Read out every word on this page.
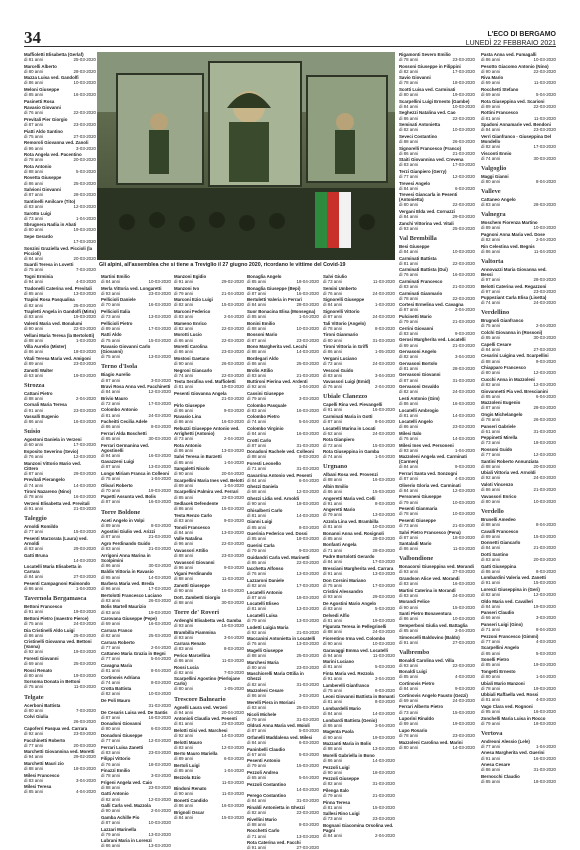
34	L'ECO DI BERGAMO
LUNEDÌ 22 FEBBRAIO 2021
Maffioletti Elisabetta (Gerlaf)
di 81 anni	25-03-2020
Marcelli Alberto
di 80 anni	28-03-2020
Mazza Luisa ved. Gandolfi
di 86 anni	10-03-2020
Meloni Giuseppe
di 85 anni	16-03-2020
Pasinetti Rosa
Ravasio Giovanni
di 76 anni	22-03-2020
Previtali Pier Giorgio
di 87 anni	23-03-2020
Piatti Aldo Santino
di 75 anni	27-03-2020
Remoroli Giovanna ved. Zanoli
di 96 anni	3-03-2020
Rota Angela ved. Pacentino
di 78 anni	20-03-2020
Rota Antonio
di 88 anni	5-03-2020
Rovetta Giuseppe
di 86 anni	25-03-2020
Salvioni Giovanni
di 87 anni	28-03-2020
Santinelli Amilcare (Tito)
di 83 anni	12-03-2020
Sarotto Luigi
di 73 anni	1-04-2020
Sbrugnera Nadia in Abati
di 80 anni	19-03-2020
Sepe Gerardo
17-03-2020
Sonzini Graziella ved. Piccioli (la Piccioli)
di 84 anni	20-03-2020
Suardi Teresa in Lovetti
di 75 anni	7-03-2020
Togni Erminia
di 94 anni	4-03-2020
Tradonelli Caterina ved. Previtali
di 85 anni	13-03-2020
Trapini Rosa Pasqualina
di 82 anni	25-03-2020
Trapletti Angela in Gandolfi (Mirto)
di 83 anni	19-03-2020
Valenti Maria ved. Bonalumi
di 90 anni	22-03-2020
Vellani Maria Teresa (la Bertolotti)
di 88 anni	1-03-2020
Villa Aurelio (Mister)
di 86 anni	18-03-2020
Vitali Teresa Maria ved. Amigoni
di 89 anni	23-03-2020
Zanotti Walter
di 63 anni	19-03-2020
Strozza
Cattani Pietro
di 88 anni	2-04-2020
Cornali Maria Teresa
di 91 anni	23-03-2020
Vassalli Eugenio
di 86 anni	16-03-2020
Suisio
Agostoni Daniela in Verzeni
di 60 anni	17-03-2020
Esposito Severino (Sevio)
di 76 anni	12-03-2020
Manzoni Vittorio Mario ved. Cittero
di 87 anni	29-03-2020
Previtali Pierangelo
di 74 anni	14-03-2020
Tironi Nazareno (Nino)
di 78 anni	16-03-2020
Verzeni Elisabetta ved. Previtali
di 91 anni	21-03-2020
Taleggio
Arnoldi Romildo
di 77 anni	15-03-2020
Pesenti Marzorata (Laura) ved. Arnoldi
di 83 anni	29-03-2020
Gatti Bruna
14-03-2020
Locatelli Maria Elisabetta in Carrara
di 84 anni	27-03-2020
Pesenti Campagnoni Raimondo
di 86 anni	1-04-2020
Tavernola Bergamasca
Bettoni Francesco
di 91 anni	19-03-2020
Bettoni Pietro (maestro Pierce)
di 75 anni	24-03-2020
Dia Cristinelli Aldo Luigi
di 86 anni	25-03-2020
Cristinelli Giovanna ved. Bettoni (Vanna)
di 92 anni	19-03-2020
Foresti Giovanni
di 69 anni	25-03-2020
Rossi Renato
di 80 anni	19-03-2020
Sorsoma Donata in Bettoni
di 75 anni	11-03-2020
Telgate
Acerboni Battista
di 80 anni	7-03-2020
Colvi Giulia
26-03-2020
Capoferri Pasqua ved. Carrara
di 92 anni	23-03-2020
Facchinetti Roberto
di 77 anni	20-03-2020
Marchetti Giovannina ved. Moretti
di 94 anni	29-02-2020
Marchetti Mauri zio
di 88 anni	18-03-2020
Milesi Francesco
di 83 anni	3-04-2020
Milesi Teresa
di 85 anni	4-04-2020
Gli alpini, all'assemblea che si tiene a Treviglio il 27 giugno 2020, ricordano le vittime del Covid-19
Martini Emilio
di 84 anni	10-03-2020
Merla Vittoria ved. Longaretti
di 93 anni	23-03-2020
Pellicioli Daniele
di 70 anni	16-03-2020
Pellicioli Italia
di 73 anni	13-03-2020
Pellicioli Pietro
di 89 anni	17-03-2020
Ratti Aldo
di 75 anni	15-03-2020
Ravasio Giovanni Carlo (Giovanni)
di 75 anni	13-03-2020
Terno d'Isola
Biagio Aurelio
di 87 anni	3-03-2020
Bravi Rosa Anna ved. Facchinetti
di 84 anni	12-03-2020
Brivio Mauro
di 72 anni	17-03-2020
Colombo Antonio
di 81 anni	24-03-2020
Facheitti Cecilia Adele
di 86 anni	8-03-2020
Ferrari Alda Boschetti
di 85 anni	30-03-2020
Ferrari Germanina ved. Agostinelli
di 94 anni	16-03-2020
Gavazzeni Luigi
di 87 anni	13-03-2020
Longo Miriam Franca in Colleoni
di 75 anni	1-04-2020
Olivari Roberto
di 70 anni	19-03-2020
Papetti Assunta ved. Bolis
di 87 anni	16-03-2020
Torre Boldone
Aceti Angelo in Volpi
di 89 anni	8-03-2020
Agostini Giulio ved. Arizzi
di 87 anni	21-03-2020
Agro Ferdinando Guido
di 83 anni	21-03-2020
Arrigoni Anna Marina in Scolpimini
di 86 anni	30-03-2020
Baldis Vittoria in Ravasio
di 95 anni	14-03-2020
Barbera Maria ved. Breda
di 96 anni	17-03-2020
Bertolotti Francesco Luciano
di 83 anni	26-03-2020
Bolis Martell Maurizio
di 83 anni	19-03-2020
Carovana Giuseppe (Pepe)
di 69 anni	16-03-2020
Carrara Franco
di 82 anni	25-03-2020
Carrara Roberto
di 77 anni	2-04-2020
Cattaneo Maria Grazia in Begni
di 77 anni	5-04-2020
Cavagna Maria
di 81 anni	8-04-2020
Cortinovis Adriana
di 74 anni	8-03-2020
Crotta Battista
di 82 anni	10-03-2020
De Poli Mauro
31-03-2020
De Cesaris Luisa ved. De Santis
di 87 anni	16-03-2020
Donadoni Giovanni
di 80 anni	6-03-2020
Donadoni Giuseppe
di 77 anni	12-03-2020
Ferrari Luisa Zanetti
di 83 anni	23-03-2020
Filippi Vittorio
di 76 anni	18-03-2020
Finazzi Emilio
di 78 anni	3-03-2020
Frigeni Angela ved. Caio
di 88 anni	23-03-2020
Gatti Antonio
di 82 anni	12-03-2020
Galli Carla ved. Mazzola
di 90 anni	2-04-2020
Gamba Achille Pio
di 87 anni	10-03-2020
Lazzari Marinella
di 79 anni	13-03-2020
Lubrani Maria in Lorenzi
di 86 anni	13-03-2020
Manzoni Egidio
di 91 anni	29-02-2020
Manzoni Ivo
di 79 anni	21-04-2020
Marconi Ezio Luigi
di 82 anni	15-03-2020
Marconi Federico
di 83 anni	2-04-2020
Mameno Enrico
di 82 anni	22-03-2020
Morotti Lucio
di 86 anni	22-03-2020
Moretti Carolina
di 86 anni	23-03-2020
Mostosi Gaetano
di 90 anni	26-03-2020
Negroni Giancarlo
di 74 anni	22-03-2020
Testa Serafina ved. Maffioletti
di 81 anni	19-03-2020
Pesenti Giovanna Angela
21-03-2020
Pirlo Giuseppe
di 86 anni	9-03-2020
Ravasio Lina
di 86 anni	16-03-2020
Rebuzzi Giuseppe Antonio ved. Arrighetti (Antonio)
di 73 anni	2-04-2020
Rota Antonio
di 86 anni	13-03-2020
Salvi Teresa in Barzetti
di 85 anni	1-04-2020
Sangaletti Nicolo
di 90 anni	20-04-2020
Scarpellini Maria Ines ved. Belotti
di 89 anni	1-04-2020
Scarpellini Palmira ved. Ferrari
di 85 anni	23-03-2020
Sedlacek Defendente
di 86 anni	15-03-2020
Testa Renzo Carlo
di 83 anni	9-03-2020
Tonoli Francesco
di 84 anni	13-03-2020
Valle Natalina
di 96 anni	22-03-2020
Vavassori Attilio
di 88 anni	23-03-2020
Vavassori Giovanni
di 96 anni	9-03-2020
Vigani Ferdinando
di 88 anni	11-03-2020
Zanotti Giuseppe
di 90 anni	16-03-2020
Dott. Zambetti Giorgio
di 88 anni	30-03-2020
Torre de' Roveri
Ardenghi Elisabetta ved. Gamba
di 93 anni	16-03-2020
Brambilla Fiammina
di 93 anni	3-04-2020
Carrara Renato
di 83 anni	8-03-2020
Perico Marcellina
di 86 anni	11-03-2020
Rossi Lucia
di 82 anni	7-03-2020
Scarpellini Agostino (Pierlojane Carlo)
di 80 anni	1-05-2020
Trescore Balneario
Agnelli Laura ved. Verzeri
di 94 anni	20-04-2020
Antonioli Claudia ved. Pesenti
di 81 anni	23-03-2020
Belotti Gisi ved. Marchesi
di 92 anni	14-03-2020
Belotti Mauro
di 83 anni	12-03-2020
Berto Mauro Mariella
di 89 anni	6-03-2020
Bertoli Luigi
di 85 anni	1-04-2020
Bezzola Ezio
11-03-2020
Bindoni Renato
di 90 anni	11-03-2020
Bonetti Candido
di 86 anni	16-03-2020
Brignoli Oscar
di 84 anni	15-03-2020
Bonaglia Angelo
di 85 anni	18-04-2020
Bonaglia Giuseppe (Bepi)
di 87 anni	16-03-2020
Bertuletti Valeria in Ferrari
di 84 anni	28-03-2020
Suor Bonacina Elisa (Monsegna)
di 85 anni	1-04-2020
Bonini Emilio
di 88 anni	10-03-2020
Bossoni Mario
di 87 anni	23-03-2020
Bono Margherita ved. Lecchi
di 88 anni	14-03-2020
Bordegari Aldo
di 86 anni	25-03-2020
Brolis Attilio
di 83 anni	21-03-2020
Buttironi Pierina ved. Ardenti
di 92 anni	1-04-2020
Cassini Giuseppe
di 79 anni	3-03-2020
Colombo Pasquale
di 83 anni	16-03-2020
Colombo Pietro
di 74 anni	5-04-2020
Colombo Virginio
di 84 anni	16-03-2020
Crotti Carlo
di 87 anni	31-03-2020
Donadoni Rachele ved. Colleoni
di 88 anni	8-03-2020
Foresti Leonello
di 71 anni	31-03-2020
Gavarrina Antonio ved. Pesenti
di 84 anni	6-04-2020
Ghezzi Daniela
di 68 anni	12-03-2020
Ghezzi Lidia ved. Arnoldi
di 90 anni	18-03-2020
Ghisalberti Carlo
di 81 anni	14-03-2020
Gianni Luigi
di 85 anni	8-03-2020
Guerinia Federico ved. Dossi
di 85 anni	18-03-2020
Guerini Carla
di 79 anni	9-03-2020
Guidandri Carla ved. Marinetti
di 86 anni	22-03-2020
Iacchetta Alfonso
di 76 anni	13-03-2020
Lazzaroni Daniele
di 82 anni	17-03-2020
Locatelli Antonio
di 87 anni	18-03-2020
Locatelli Eliseo
di 81 anni	13-03-2020
Locatelli Luisa
di 79 anni	13-03-2020
Lodetti Luigia Maria
di 92 anni	21-03-2020
Maccanini Antonietta in Locatelli
di 76 anni	13-03-2020
Magelli Giuseppe
di 88 anni	25-03-2020
Marchesi Maria
di 80 anni	23-03-2020
Maschiorelli Maria Ottilia in Ghezzi
di 82 anni	31-03-2020
Mazzoleni Cesare
di 86 anni	3-03-2020
Merelli Piera in Moriani
di 83 anni	25-03-2020
Nicoli Michele
di 79 anni	31-03-2020
Oldrati Anna Maria ved. Moioli
di 87 anni	5-03-2020
Orfanelli Maddalena ved. Milesi
di 84 anni	6-03-2020
Paninbelli Claudio
di 67 anni	5-03-2020
Pesenti Antonio
di 79 anni	15-03-2020
Pezzoli Andrea
di 65 anni	5-04-2020
Pezzoli Costantino
14-03-2020
Perego Costantino
di 84 anni	31-03-2020
Rinaldi Antonietta in Ghezzi
di 82 anni	22-03-2020
Rivellini Mario
di 88 anni	8-03-2020
Rocchetti Carlo
di 71 anni	13-03-2020
Rota Caterina ved. Facchi
di 91 anni	27-03-2020
Salvi Giulio
di 73 anni	11-03-2020
Semini Umberto
di 76 anni	24-03-2020
Signorelli Giuseppe
di 84 anni	1-03-2020
Signorelli Vittorio
di 87 anni	24-03-2020
Tali Vittorio (Angelo)
di 78 anni	8-03-2020
Tironi Gianmario
di 80 anni	31-03-2020
Tironi Vittoria in Griffi
di 86 anni	1-05-2020
Vergani Luciano
di 72 anni	24-03-2020
Vescovi Guido
di 83 anni	3-04-2020
Vavassori Luigi (Emid)
di 76 anni	2-04-2020
Ubiale Clanezzo
Capelli Rina ved. Pievangelli
di 91 anni	16-03-2020
Carminati Maria in Gotti
di 87 anni	8-04-2020
Locatelli Marina in Locati
di 62 anni	24-03-2020
Rota Gianpiero
di 72 anni	15-03-2020
Rota Giuseppina in Gamba
di 74 anni	1-04-2020
Urgnano
Albani Rosa ved. Provenzi
di 88 anni	16-03-2020
Albin Emilio
di 86 anni	15-03-2020
Angeretti Maria ved. Celli
di 91 anni	8-03-2020
Angeretti Mario
di 79 anni	13-03-2020
Azzola Lina ved. Brambilla
di 81 anni	10-03-2020
Bonanni Anna ved. Rosignoli
di 85 anni	28-03-2020
Bonfanti Angela
di 71 anni	28-03-2020
Padre Bortolotti Gerardo
di 84 anni	17-03-2020
Bresciani Margherita ved. Carrara
di 91 anni	13-03-2020
Don Corsini Mariano
di 75 anni	17-03-2020
Cristini Alessandro
di 93 anni	29-03-2020
De Agostini Mario Angelo
di 83 anni	5-03-2020
Delvedi Alfio
di 81 anni	19-03-2020
Figurata Teresa in Pellegrinelli
di 88 anni	24-03-2020
Fiorentino Irma ved. Colombo
di 90 anni	10-03-2020
Garavaggi Emma ved. Locatelli
di 94 anni	11-03-2020
Marini Luciano
di 81 anni	5-03-2020
Finta Maria ved. Rezzola
di 91 anni	3-04-2020
Lamberelli Gianfranco
di 75 anni	8-03-2020
Leoni Giovanni Battista in Bonanti
di 81 anni	8-03-2020
Lombardelli Mario
di 84 anni	14-03-2020
Lombardi Battista (Genio)
di 86 anni	3-04-2020
Magenta Paola
di 90 anni	19-03-2020
Mazzanti Maria in Bolis
di 88 anni	13-03-2020
Morelli Gabriella in Bono
di 86 anni	14-03-2020
Pezzoli Luigi
di 90 anni	18-03-2020
Pezzoli Giuseppe
di 82 anni	31-03-2020
Pilenga Italo
di 79 anni	21-03-2020
Pinna Teresa
di 81 anni	15-03-2020
Sallesi Rino Luigi
di 73 anni	23-03-2020
Bognani Giacomina Orsolina ved. Pagni
di 84 anni	2-04-2020
Rigamonti Severo Emilio
di 78 anni	23-03-2020
Rossoni Giuseppe in Filippini
di 82 anni	17-03-2020
Savio Giovanni
di 78 anni	18-03-2020
Scotti Luisa ved. Carminati
di 80 anni	19-03-2020
Scarpellini Luigi Ernesto (Gambe)
di 84 anni	10-03-2020
Seghezzi Natalina ved. Cao
di 86 anni	22-03-2020
Seminati Antonietta
di 82 anni	10-03-2020
Seveci Costantino
di 88 anni	26-03-2020
Signorelli Francesco (Franco)
di 86 anni	21-03-2020
Staiti Giovannina ved. Crevena
di 83 anni	17-03-2020
Terzi Gianpiero (Gerry)
di 77 anni	12-03-2020
Trevesi Angelo
di 84 anni	6-03-2020
Trevesi Giancarla in Pesenti (Antonietta)
di 80 anni	22-03-2020
Vergani Elda ved. Cornazzi
di 84 anni	29-03-2020
Zanchi Vittorina ved. Vitali
di 93 anni	25-03-2020
Val Brembilla
Besi Giuseppe
di 84 anni	10-03-2020
Carminati Battista
di 81 anni	22-03-2020
Carminati Battista (Dui)
di 76 anni	16-03-2020
Carminati Francesco
di 83 anni	21-03-2020
Carminati Gianmario
di 78 anni	22-03-2020
Cortesi Ermelina ved. Cavagna
di 87 anni	2-04-2020
Pulcinetti Mario
di 79 anni	21-03-2020
Cerrini Giovanni
di 83 anni	9-03-2020
Gerosi Margherita ved. Locatelli
di 89 anni	21-03-2020
Gervasoni Angelo
di 82 anni	3-04-2020
Gervasoni Bortolo
di 81 anni	28-03-2020
Gervasoni Giovanni
di 87 anni	31-03-2020
Gervasoni Osvaldo
di 82 anni	24-03-2020
Lesti Antonio (Gim)
di 86 anni	16-03-2020
Locatelli Ambrogio
di 81 anni	14-03-2020
Locatelli Angelo
di 86 anni	23-03-2020
Milesi Italo
di 76 anni	14-03-2020
Milesi Ines ved. Personeni
di 93 anni	1-04-2020
Mazzoleni Angela ved. Carminati (Carmen)
di 84 anni	9-03-2020
Ferrari Santa ved. Sonzogni
di 87 anni	4-03-2020
Oliverio Gloria ved. Carminati
di 84 anni	12-03-2020
Personeni Giuseppe
di 79 anni	10-03-2020
Pesenti Gianmaria
di 78 anni	10-03-2020
Pesenti Giuseppe
di 73 anni	21-03-2020
Salvi Pietro Francesco (Pena)
di 87 anni	18-03-2020
Santaladi Mario
di 86 anni	11-03-2020
Valbondione
Bonacorsi Giuseppina ved. Morandi
di 93 anni	27-03-2020
Grandson Alice ved. Morandi
di 83 anni	16-03-2020
Martini Caterina in Morandi
di 83 anni	24-03-2020
Morandi Felice
di 90 anni	15-03-2020
Santi Pietro Bonaventura
di 86 anni	10-03-2020
Semperboni Giulia ved. Battaglia
di 85 anni	2-04-2020
Simoncelli Baldovino (Baldo)
di 91 anni	27-03-2020
Valbrembo
Bonaldi Carolina ved. Villa
di 93 anni	22-03-2020
Bonaldi Luigi
di 85 anni	4-03-2020
Cortinovis Pietro
di 84 anni	9-03-2020
Cortinovis Angelo Fausto (Gezzi)
di 69 anni	24-03-2020
Ferrari Alberto Pietro
di 73 anni	15-03-2020
Luporini Rinaldo
di 89 anni	19-03-2020
Lupo Rosario
di 78 anni	23-03-2020
Mazzoleni Carolina ved. Marini
di 80 anni	14-03-2020
Pasta Anna ved. Fumagalli
di 86 anni	10-03-2020
Pesotto Giacomo Antonio (Nino)
di 90 anni	22-03-2020
Riva Mario
di 69 anni	11-03-2020
Rocchetti Stefano
di 69 anni	5-04-2020
Rota Giuseppina ved. Scarioni
di 89 anni	22-03-2020
Rottini Francesco
di 81 anni	11-03-2020
Spadoni Annamarie ved. Bendoni
di 84 anni	23-03-2020
Verri Gianfranco - Giuseppina Del Mondello
di 82 anni	17-03-2020
Visconti Ennio
di 74 anni	30-03-2020
Valgoglio
Maggi Gianni
di 80 anni	8-04-2020
Valleve
Cattaneo Angelo
di 83 anni	28-03-2020
Valnegra
Moschem Fiorenza Martino
di 89 anni	10-03-2020
Pagnoni Anna Maria ved. Dose
di 82 anni	2-04-2020
Rin Celestina ved. Begnis
di 86 anni	11-04-2020
Valtorta
Annovazzi Maria Giovanna ved. Bessi
di 97 anni	28-03-2020
Belotti Caterina ved. Regazzoni
di 97 anni	23-03-2020
Puppeziant Carla Elisa (Lisetta)
di 74 anni	24-03-2020
Verdellino
Brugnoli Gianfranco
di 75 anni	2-04-2020
Colchi Giovanna in (Rossoni)
di 85 anni	30-03-2020
Capelli Cesare
di 84 anni	27-03-2020
Cesarini Luigina ved. Scarpellini
di 88 anni	9-03-2020
Chiapparo Francesco
di 80 anni	12-03-2020
Cucchi Anna in Mazzoleni
di 82 anni	12-03-2020
Giovannetti Pia ved. Brescianini
di 85 anni	6-04-2020
Mazzoleni Eugenio
di 87 anni	28-03-2020
Ongis Michelangelo
di 78 anni	26-03-2020
Panseri Gabriele
di 61 anni	31-03-2020
Peppinetti Mirella
di 73 anni	18-03-2020
Rossoni Guido
di 77 anni	12-03-2020
Santini Roberto Annunziata
di 88 anni	20-03-2020
Ubiali Vittoria ved. Arnoldi
di 92 anni	24-03-2020
Valoti Vincenzo
di 86 anni	21-03-2020
Vavassori Enrico
di 80 anni	10-03-2020
Verdello
Brunelli Amedeo
di 88 anni	8-04-2020
Cavalli Francesco
di 89 anni	15-03-2020
Donnetti Giancarlo
di 84 anni	21-03-2020
Dotti Santino
di 83 anni	20-03-2020
Gatti Giuseppina
di 86 anni	8-03-2020
Lombardini Valeria ved. Zanetti
di 91 anni	15-03-2020
Lorenzi Giuseppina in (Geri)
di 82 anni	12-03-2020
Oldo Maria ved. Cavalleri
di 84 anni	19-03-2020
Panseri Claudio
di 66 anni	3-03-2020
Panseri Luigi (Gino)
di 71 anni	8-04-2020
Pezzoni Francesco (Gimmi)
di 77 anni	4-03-2020
Scarpellini Angelo
di 85 anni	5-03-2020
Sonelli Pietro
di 85 anni	19-03-2020
Tongetti Ernesto
di 80 anni	1-04-2020
Ubiali Mario Manzoni
di 78 anni	19-03-2020
Ubbiali Raffaella ved. Rossi
di 81 anni	4-03-2020
Vago Clara ved. Rognoni
di 95 anni	16-03-2020
Zonchelli Maria Luisa in Rocco
di 79 anni	18-03-2020
Vertova
Andreoni Alessio (Lele)
di 77 anni	1-04-2020
Anesa Margherita ved. Guerini
di 91 anni	16-03-2020
Anesa Cesare
di 86 anni	31-03-2020
Bernocchi Claudio
di 85 anni	18-03-2020
